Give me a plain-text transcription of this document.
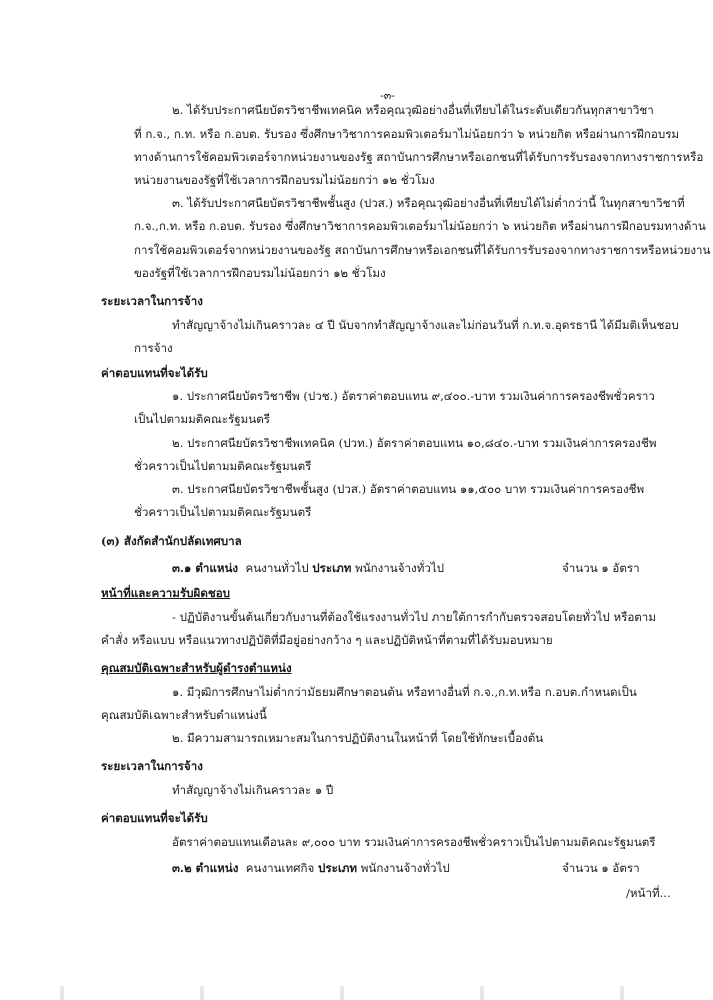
-๓-
๒. ได้รับประกาศนียบัตรวิชาชีพเทคนิค หรือคุณวุฒิอย่างอื่นที่เทียบได้ในระดับเดียวกันทุกสาขาวิชา
ที่ ก.จ., ก.ท. หรือ ก.อบต. รับรอง ซึ่งศึกษาวิชาการคอมพิวเตอร์มาไม่น้อยกว่า ๖ หน่วยกิต หรือผ่านการฝึกอบรม
ทางด้านการใช้คอมพิวเตอร์จากหน่วยงานของรัฐ สถาบันการศึกษาหรือเอกชนที่ได้รับการรับรองจากทางราชการหรือ
หน่วยงานของรัฐที่ใช้เวลาการฝึกอบรมไม่น้อยกว่า ๑๒ ชั่วโมง
๓. ได้รับประกาศนียบัตรวิชาชีพชั้นสูง (ปวส.) หรือคุณวุฒิอย่างอื่นที่เทียบได้ไม่ต่ำกว่านี้ ในทุกสาขาวิชาที่
ก.จ.,ก.ท. หรือ ก.อบต. รับรอง ซึ่งศึกษาวิชาการคอมพิวเตอร์มาไม่น้อยกว่า ๖ หน่วยกิต หรือผ่านการฝึกอบรมทางด้าน
การใช้คอมพิวเตอร์จากหน่วยงานของรัฐ สถาบันการศึกษาหรือเอกชนที่ได้รับการรับรองจากทางราชการหรือหน่วยงาน
ของรัฐที่ใช้เวลาการฝึกอบรมไม่น้อยกว่า ๑๒ ชั่วโมง
ระยะเวลาในการจ้าง
ทำสัญญาจ้างไม่เกินคราวละ ๔ ปี นับจากทำสัญญาจ้างและไม่ก่อนวันที่ ก.ท.จ.อุดรธานี ได้มีมติเห็นชอบ
การจ้าง
ค่าตอบแทนที่จะได้รับ
๑. ประกาศนียบัตรวิชาชีพ (ปวช.) อัตราค่าตอบแทน ๙,๔๐๐.-บาท รวมเงินค่าการครองชีพชั่วคราว
เป็นไปตามมติคณะรัฐมนตรี
๒. ประกาศนียบัตรวิชาชีพเทคนิค (ปวท.) อัตราค่าตอบแทน ๑๐,๘๔๐.-บาท รวมเงินค่าการครองชีพ
ชั่วคราวเป็นไปตามมติคณะรัฐมนตรี
๓. ประกาศนียบัตรวิชาชีพชั้นสูง (ปวส.) อัตราค่าตอบแทน ๑๑,๕๐๐ บาท รวมเงินค่าการครองชีพ
ชั่วคราวเป็นไปตามมติคณะรัฐมนตรี
(๓) สังกัดสำนักปลัดเทศบาล
๓.๑ ตำแหน่ง คนงานทั่วไป ประเภท พนักงานจ้างทั่วไป	จำนวน ๑ อัตรา
หน้าที่และความรับผิดชอบ
- ปฏิบัติงานขั้นต้นเกี่ยวกับงานที่ต้องใช้แรงงานทั่วไป ภายใต้การกำกับตรวจสอบโดยทั่วไป หรือตาม
คำสั่ง หรือแบบ หรือแนวทางปฏิบัติที่มีอยู่อย่างกว้าง ๆ และปฏิบัติหน้าที่ตามที่ได้รับมอบหมาย
คุณสมบัติเฉพาะสำหรับผู้ดำรงตำแหน่ง
๑. มีวุฒิการศึกษาไม่ต่ำกว่ามัธยมศึกษาตอนต้น หรือทางอื่นที่ ก.จ.,ก.ท.หรือ ก.อบต.กำหนดเป็น
คุณสมบัติเฉพาะสำหรับตำแหน่งนี้
๒. มีความสามารถเหมาะสมในการปฏิบัติงานในหน้าที่ โดยใช้ทักษะเบื้องต้น
ระยะเวลาในการจ้าง
ทำสัญญาจ้างไม่เกินคราวละ ๑ ปี
ค่าตอบแทนที่จะได้รับ
อัตราค่าตอบแทนเดือนละ ๙,๐๐๐ บาท รวมเงินค่าการครองชีพชั่วคราวเป็นไปตามมติคณะรัฐมนตรี
๓.๒ ตำแหน่ง คนงานเทศกิจ ประเภท พนักงานจ้างทั่วไป	จำนวน ๑ อัตรา
/หน้าที่...
